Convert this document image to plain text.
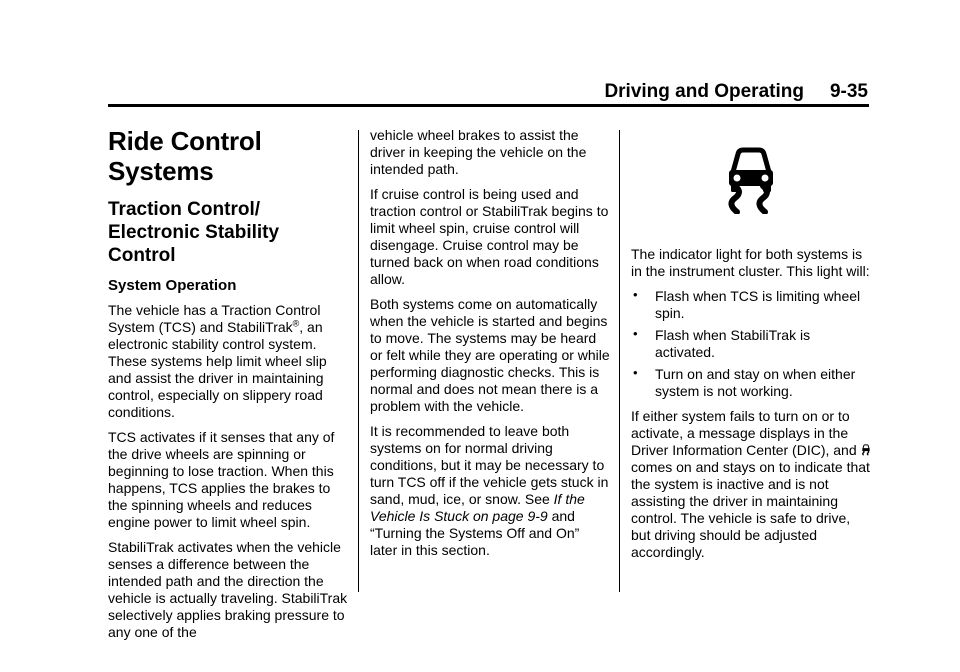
Driving and Operating 9-35
Ride Control Systems
Traction Control/
Electronic Stability
Control
System Operation

The vehicle has a Traction Control System (TCS) and StabiliTrak®, an electronic stability control system. These systems help limit wheel slip and assist the driver in maintaining control, especially on slippery road conditions.

TCS activates if it senses that any of the drive wheels are spinning or beginning to lose traction. When this happens, TCS applies the brakes to the spinning wheels and reduces engine power to limit wheel spin.

StabiliTrak activates when the vehicle senses a difference between the intended path and the direction the vehicle is actually traveling. StabiliTrak selectively applies braking pressure to any one of the

vehicle wheel brakes to assist the driver in keeping the vehicle on the intended path.

If cruise control is being used and traction control or StabiliTrak begins to limit wheel spin, cruise control will disengage. Cruise control may be turned back on when road conditions allow.

Both systems come on automatically when the vehicle is started and begins to move. The systems may be heard or felt while they are operating or while performing diagnostic checks. This is normal and does not mean there is a problem with the vehicle.

It is recommended to leave both systems on for normal driving conditions, but it may be necessary to turn TCS off if the vehicle gets stuck in sand, mud, ice, or snow. See If the Vehicle Is Stuck on page 9-9 and “Turning the Systems Off and On” later in this section.

The indicator light for both systems is in the instrument cluster. This light will:

• Flash when TCS is limiting wheel spin.
• Flash when StabiliTrak is activated.
• Turn on and stay on when either system is not working.

If either system fails to turn on or to activate, a message displays in the Driver Information Center (DIC), and  comes on and stays on to indicate that the system is inactive and is not assisting the driver in maintaining control. The vehicle is safe to drive, but driving should be adjusted accordingly.
